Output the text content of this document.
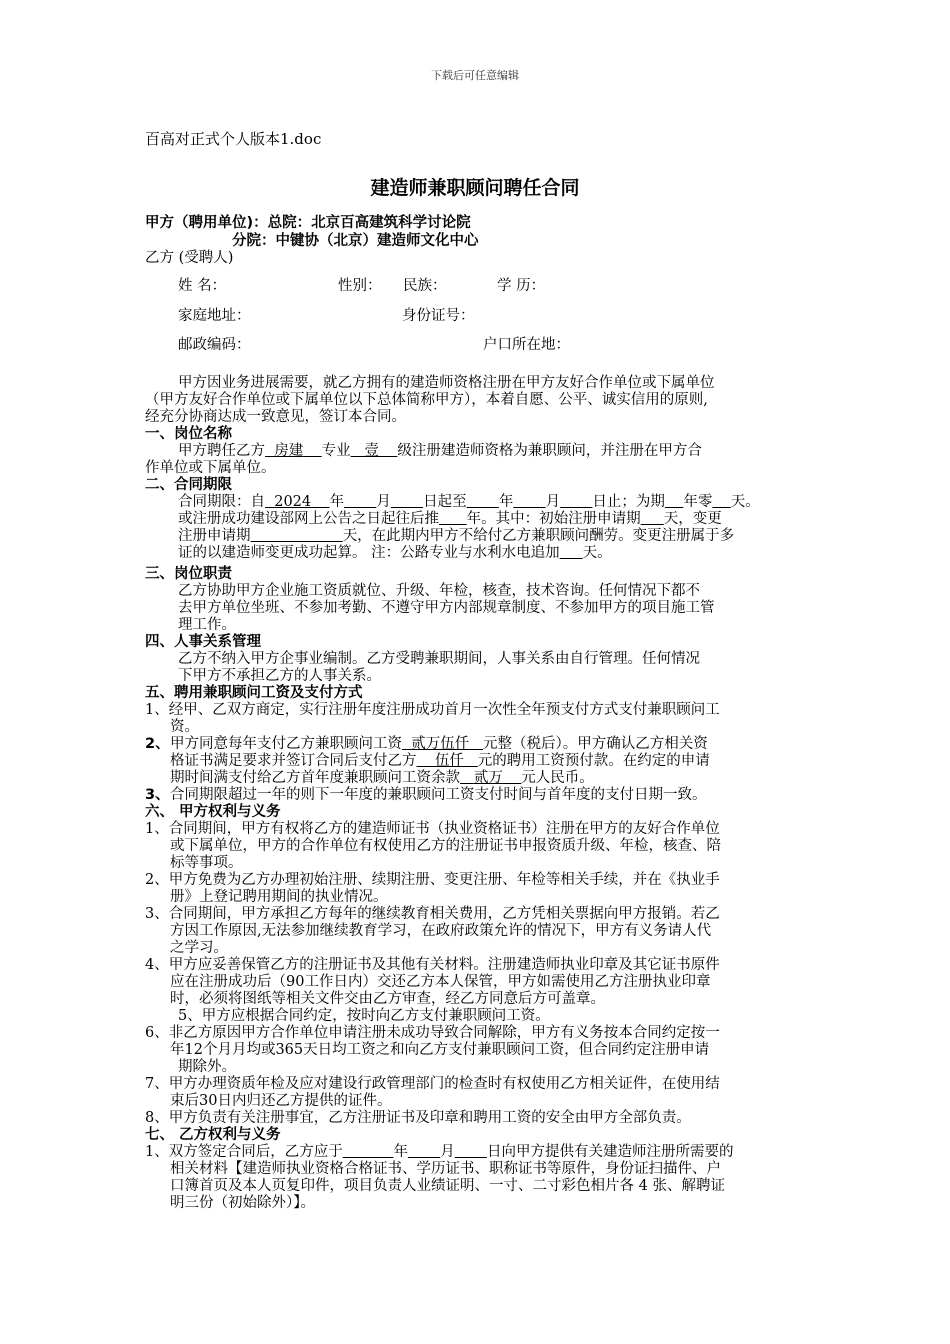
下载后可任意编辑
百高对正式个人版本1.doc
建造师兼职顾问聘任合同
甲方（聘用单位)：总院：北京百高建筑科学讨论院
分院：中键协（北京）建造师文化中心
乙方 (受聘人)
姓 名：	性别： 民族：	学 历：
家庭地址：	身份证号：
邮政编码：	户口所在地：
甲方因业务进展需要，就乙方拥有的建造师资格注册在甲方友好合作单位或下属单位
（甲方友好合作单位或下属单位以下总体简称甲方），本着自愿、公平、诚实信用的原则,
经充分协商达成一致意见，签订本合同。
一、岗位名称
甲方聘任乙方 房建 专业 壹 级注册建造师资格为兼职顾问，并注册在甲方合
作单位或下属单位。
二、合同期限
合同期限：自 2024 年 月 日起至 年 月 日止；为期 年零 天。
或注册成功建设部网上公告之日起往后推 年。其中：初始注册申请期 天，变更
注册申请期	天，在此期内甲方不给付乙方兼职顾问酬劳。变更注册属于多
证的以建造师变更成功起算。 注：公路专业与水利水电追加 天。
三、岗位职责
乙方协助甲方企业施工资质就位、升级、年检，核查，技术咨询。任何情况下都不
去甲方单位坐班、不参加考勤、不遵守甲方内部规章制度、不参加甲方的项目施工管
理工作。
四、人事关系管理
乙方不纳入甲方企事业编制。乙方受聘兼职期间，人事关系由自行管理。任何情况
下甲方不承担乙方的人事关系。
五、聘用兼职顾问工资及支付方式
1、经甲、乙双方商定，实行注册年度注册成功首月一次性全年预支付方式支付兼职顾问工
资。
2、 甲方同意每年支付乙方兼职顾问工资 贰万伍仟 元整（税后）。甲方确认乙方相关资
格证书满足要求并签订合同后支付乙方 伍仟 元的聘用工资预付款。在约定的申请
期时间满支付给乙方首年度兼职顾问工资余款 贰万 元人民币。
3、 合同期限超过一年的则下一年度的兼职顾问工资支付时间与首年度的支付日期一致。
六、 甲方权利与义务
1、合同期间，甲方有权将乙方的建造师证书（执业资格证书）注册在甲方的友好合作单位
或下属单位，甲方的合作单位有权使用乙方的注册证书申报资质升级、年检，核查、陪
标等事项。
2、甲方免费为乙方办理初始注册、续期注册、变更注册、年检等相关手续，并在《执业手
册》上登记聘用期间的执业情况。
3、合同期间，甲方承担乙方每年的继续教育相关费用，乙方凭相关票据向甲方报销。若乙
方因工作原因,无法参加继续教育学习，在政府政策允许的情况下，甲方有义务请人代
之学习。
4、甲方应妥善保管乙方的注册证书及其他有关材料。注册建造师执业印章及其它证书原件
应在注册成功后（90工作日内）交还乙方本人保管，甲方如需使用乙方注册执业印章
时，必须将图纸等相关文件交由乙方审查，经乙方同意后方可盖章。
5、甲方应根据合同约定，按时向乙方支付兼职顾问工资。
6、非乙方原因甲方合作单位申请注册未成功导致合同解除，甲方有义务按本合同约定按一
年12个月月均或365天日均工资之和向乙方支付兼职顾问工资，但合同约定注册申请
期除外。
7、甲方办理资质年检及应对建设行政管理部门的检查时有权使用乙方相关证件，在使用结
束后30日内归还乙方提供的证件。
8、甲方负责有关注册事宜，乙方注册证书及印章和聘用工资的安全由甲方全部负责。
七、 乙方权利与义务
1、双方签定合同后，乙方应于	年 月 日向甲方提供有关建造师注册所需要的
相关材料【建造师执业资格合格证书、学历证书、职称证书等原件，身份证扫描件、户
口簿首页及本人页复印件，项目负责人业绩证明、一寸、二寸彩色相片各 4 张、解聘证
明三份（初始除外）】。
